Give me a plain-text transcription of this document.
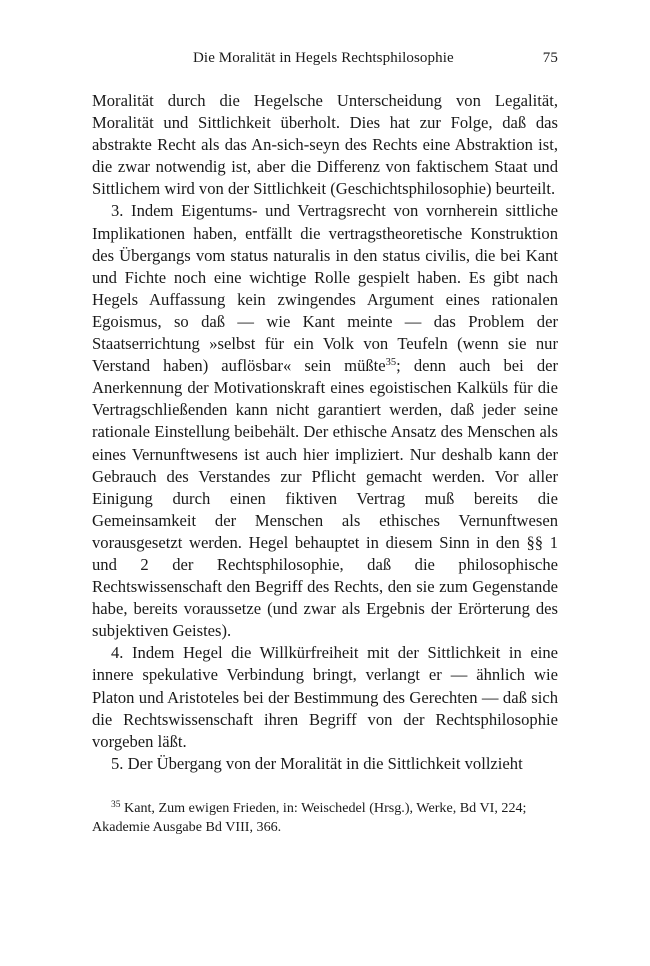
Die Moralität in Hegels Rechtsphilosophie	75

Moralität durch die Hegelsche Unterscheidung von Legalität, Moralität und Sittlichkeit überholt. Dies hat zur Folge, daß das abstrakte Recht als das An-sich-seyn des Rechts eine Abstraktion ist, die zwar notwendig ist, aber die Differenz von faktischem Staat und Sittlichem wird von der Sittlichkeit (Geschichtsphilosophie) beurteilt.

3. Indem Eigentums- und Vertragsrecht von vornherein sittliche Implikationen haben, entfällt die vertragstheoretische Konstruktion des Übergangs vom status naturalis in den status civilis, die bei Kant und Fichte noch eine wichtige Rolle gespielt haben. Es gibt nach Hegels Auffassung kein zwingendes Argument eines rationalen Egoismus, so daß — wie Kant meinte — das Problem der Staatserrichtung »selbst für ein Volk von Teufeln (wenn sie nur Verstand haben) auflösbar« sein müßte$^{35}$; denn auch bei der Anerkennung der Motivationskraft eines egoistischen Kalküls für die Vertragschließenden kann nicht garantiert werden, daß jeder seine rationale Einstellung beibehält. Der ethische Ansatz des Menschen als eines Vernunftwesens ist auch hier impliziert. Nur deshalb kann der Gebrauch des Verstandes zur Pflicht gemacht werden. Vor aller Einigung durch einen fiktiven Vertrag muß bereits die Gemeinsamkeit der Menschen als ethisches Vernunftwesen vorausgesetzt werden. Hegel behauptet in diesem Sinn in den §§ 1 und 2 der Rechtsphilosophie, daß die philosophische Rechtswissenschaft den Begriff des Rechts, den sie zum Gegenstande habe, bereits voraussetze (und zwar als Ergebnis der Erörterung des subjektiven Geistes).

4. Indem Hegel die Willkürfreiheit mit der Sittlichkeit in eine innere spekulative Verbindung bringt, verlangt er — ähnlich wie Platon und Aristoteles bei der Bestimmung des Gerechten — daß sich die Rechtswissenschaft ihren Begriff von der Rechtsphilosophie vorgeben läßt.

5. Der Übergang von der Moralität in die Sittlichkeit vollzieht

$^{35}$ Kant, Zum ewigen Frieden, in: Weischedel (Hrsg.), Werke, Bd VI, 224; Akademie Ausgabe Bd VIII, 366.
